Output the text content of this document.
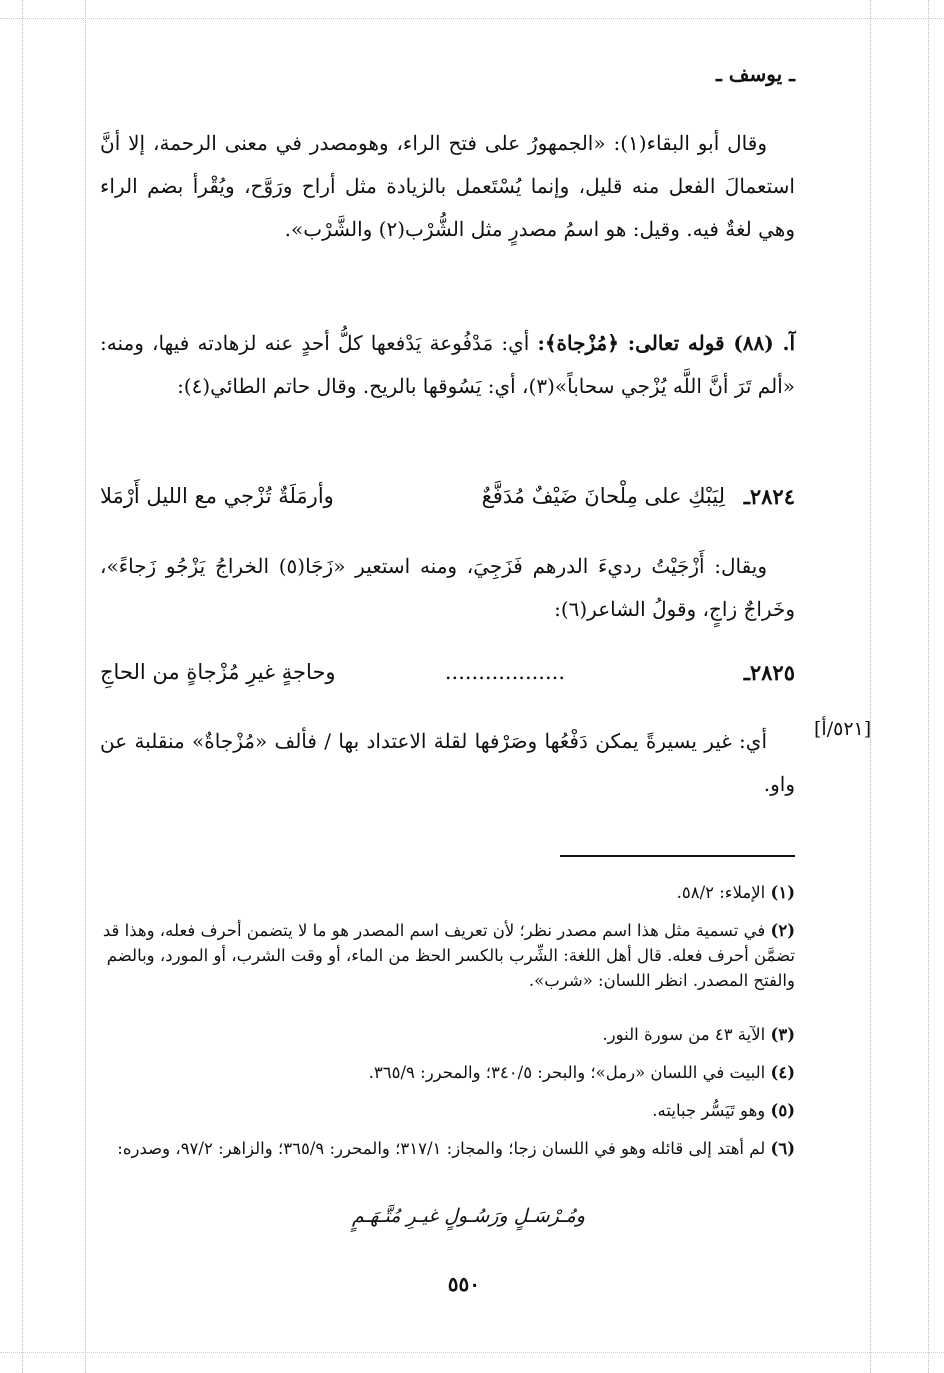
ـ يوسف ـ
وقال أبو البقاء(١): «الجمهورُ على فتح الراء، وهومصدر في معنى الرحمة، إلا أنَّ استعمالَ الفعل منه قليل، وإنما يُسْتَعمل بالزيادة مثل أراح ورَوَّح، ويُقْرأ بضم الراء وهي لغةٌ فيه. وقيل: هو اسمُ مصدرٍ مثل الشُّرْب(٢) والشَّرْب».
آ. (٨٨) قوله تعالى: ﴿مُزْجاة﴾: أي: مَدْفُوعة يَدْفعها كلُّ أحدٍ عنه لزهادته فيها، ومنه: «ألم تَرَ أنَّ اللَّه يُزْجي سحاباً»(٣)، أي: يَسُوقها بالريح. وقال حاتم الطائي(٤):
٢٨٢٤ـ
لِيَبْكِ على مِلْحانَ ضَيْفٌ مُدَفَّعٌ
وأرمَلَةٌ تُزْجي مع الليل أَرْمَلا
ويقال: أَزْجَيْتُ رديءَ الدرهم فَزَجِيَ، ومنه استعير «زَجَا(٥) الخراجُ يَزْجُو زَجاءً»، وخَراجٌ زاجٍ، وقولُ الشاعر(٦):
٢٨٢٥ـ
..................
وحاجةٍ غيرِ مُزْجاةٍ من الحاجِ
أي: غير يسيرةً يمكن دَفْعُها وصَرْفها لقلة الاعتداد بها / فألف «مُزْجاةٌ» منقلبة عن واو.
(١) الإملاء: ٥٨/٢.
(٢) في تسمية مثل هذا اسم مصدر نظر؛ لأن تعريف اسم المصدر هو ما لا يتضمن أحرف فعله، وهذا قد تضمَّن أحرف فعله. قال أهل اللغة: الشِّرب بالكسر الحظ من الماء، أو وقت الشرب، أو المورد، وبالضم والفتح المصدر. انظر اللسان: «شرب».
(٣) الآية ٤٣ من سورة النور.
(٤) البيت في اللسان «رمل»؛ والبحر: ٣٤٠/٥؛ والمحرر: ٣٦٥/٩.
(٥) وهو تَيَسُّر جبايته.
(٦) لم أهتد إلى قائله وهو في اللسان زجا؛ والمجاز: ٣١٧/١؛ والمحرر: ٣٦٥/٩؛ والزاهر: ٩٧/٢، وصدره:
ومُـرْسَـلٍ ورَسُـولٍ غيـرِ مُتَّـهَـمٍ
٥٥٠
[٥٢١/أ]
